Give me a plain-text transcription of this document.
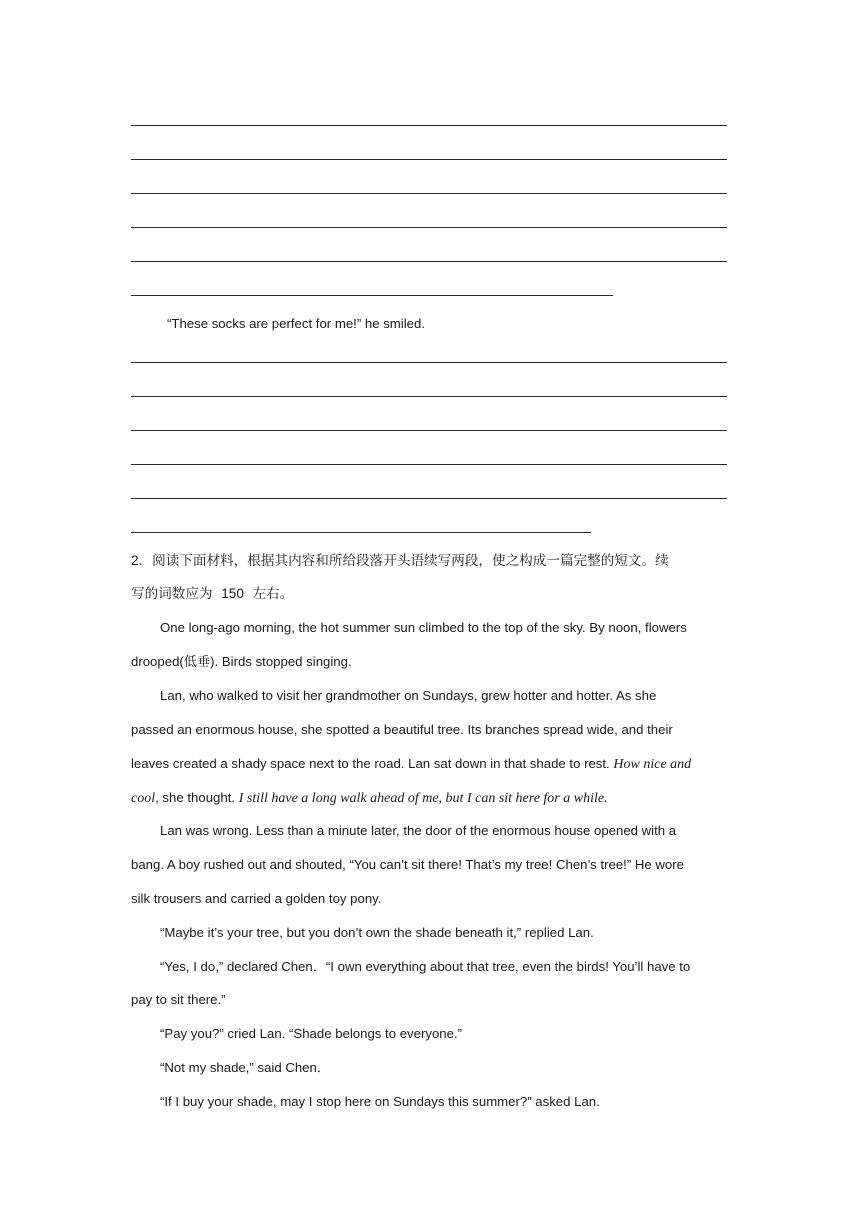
“These socks are perfect for me!” he smiled.
2．阅读下面材料，根据其内容和所给段落开头语续写两段，使之构成一篇完整的短文。续
写的词数应为 150 左右。
One long-ago morning, the hot summer sun climbed to the top of the sky. By noon, flowers
drooped(低垂). Birds stopped singing.
Lan, who walked to visit her grandmother on Sundays, grew hotter and hotter. As she
passed an enormous house, she spotted a beautiful tree. Its branches spread wide, and their
leaves created a shady space next to the road. Lan sat down in that shade to rest. How nice and
cool, she thought. I still have a long walk ahead of me, but I can sit here for a while.
Lan was wrong. Less than a minute later, the door of the enormous house opened with a
bang. A boy rushed out and shouted, “You can’t sit there! That’s my tree! Chen’s tree!” He wore
silk trousers and carried a golden toy pony.
“Maybe it’s your tree, but you don’t own the shade beneath it,” replied Lan.
“Yes, I do,” declared Chen．“I own everything about that tree, even the birds! You’ll have to
pay to sit there.”
“Pay you?” cried Lan. “Shade belongs to everyone.”
“Not my shade,” said Chen．
“If I buy your shade, may I stop here on Sundays this summer?” asked Lan.
